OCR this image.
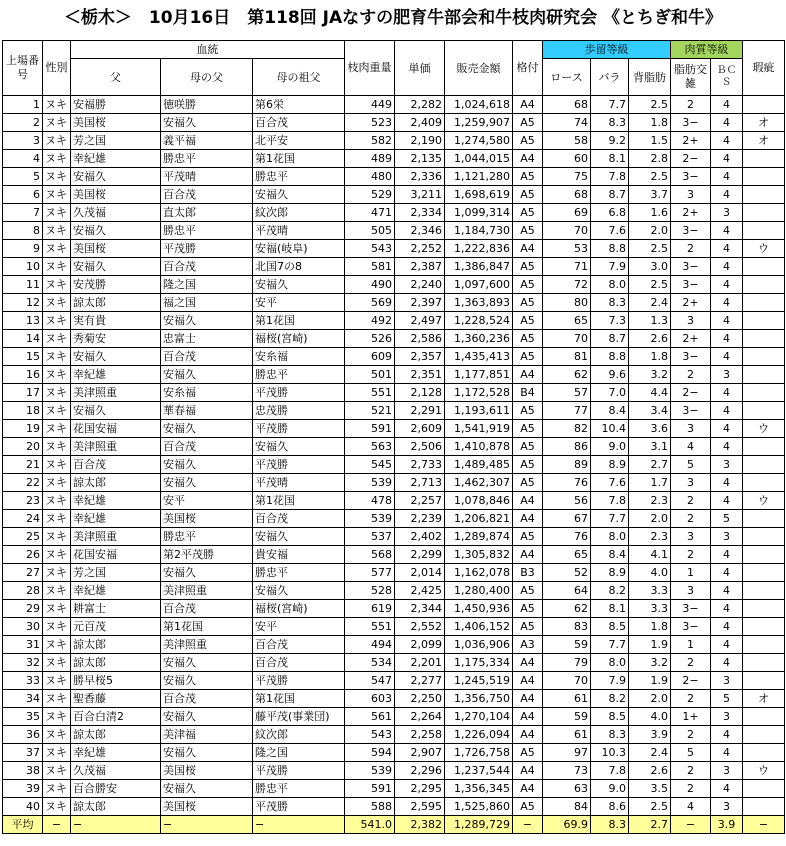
＜栃木＞　10月16日　第118回 JAなすの肥育牛部会和牛枝肉研究会 《とちぎ和牛》
上場番号	性別	血統			枝肉重量	単価	販売金額	格付	歩留等級			肉質等級		瑕疵
		父	母の父	母の祖父					ロース	バラ	背脂肪	脂肪交雑	ＢＣＳ	

1	ヌキ	安福勝	徳咲勝	第6栄	449	2,282	1,024,618	A4	68	7.7	2.5	2	4	
2	ヌキ	美国桜	安福久	百合茂	523	2,409	1,259,907	A5	74	8.3	1.8	3−	4	オ
3	ヌキ	芳之国	義平福	北平安	582	2,190	1,274,580	A5	58	9.2	1.5	2+	4	オ
4	ヌキ	幸紀雄	勝忠平	第1花国	489	2,135	1,044,015	A4	60	8.1	2.8	2−	4	
5	ヌキ	安福久	平茂晴	勝忠平	480	2,336	1,121,280	A5	75	7.8	2.5	3−	4	
6	ヌキ	美国桜	百合茂	安福久	529	3,211	1,698,619	A5	68	8.7	3.7	3	4	
7	ヌキ	久茂福	直太郎	紋次郎	471	2,334	1,099,314	A5	69	6.8	1.6	2+	3	
8	ヌキ	安福久	勝忠平	平茂晴	505	2,346	1,184,730	A5	70	7.6	2.0	3−	4	
9	ヌキ	美国桜	平茂勝	安福(岐阜)	543	2,252	1,222,836	A4	53	8.8	2.5	2	4	ウ
10	ヌキ	安福久	百合茂	北国7の8	581	2,387	1,386,847	A5	71	7.9	3.0	3−	4	
11	ヌキ	安茂勝	隆之国	安福久	490	2,240	1,097,600	A5	72	8.0	2.5	3−	4	
12	ヌキ	諒太郎	福之国	安平	569	2,397	1,363,893	A5	80	8.3	2.4	2+	4	
13	ヌキ	実有貴	安福久	第1花国	492	2,497	1,228,524	A5	65	7.3	1.3	3	4	
14	ヌキ	秀菊安	忠富士	福桜(宮崎)	526	2,586	1,360,236	A5	70	8.7	2.6	2+	4	
15	ヌキ	安福久	百合茂	安糸福	609	2,357	1,435,413	A5	81	8.8	1.8	3−	4	
16	ヌキ	幸紀雄	安福久	勝忠平	501	2,351	1,177,851	A4	62	9.6	3.2	2	3	
17	ヌキ	美津照重	安糸福	平茂勝	551	2,128	1,172,528	B4	57	7.0	4.4	2−	4	
18	ヌキ	安福久	華春福	忠茂勝	521	2,291	1,193,611	A5	77	8.4	3.4	3−	4	
19	ヌキ	花国安福	安福久	平茂勝	591	2,609	1,541,919	A5	82	10.4	3.6	3	4	ウ
20	ヌキ	美津照重	百合茂	安福久	563	2,506	1,410,878	A5	86	9.0	3.1	4	4	
21	ヌキ	百合茂	安福久	平茂勝	545	2,733	1,489,485	A5	89	8.9	2.7	5	3	
22	ヌキ	諒太郎	安福久	平茂晴	539	2,713	1,462,307	A5	76	7.6	1.7	3	4	
23	ヌキ	幸紀雄	安平	第1花国	478	2,257	1,078,846	A4	56	7.8	2.3	2	4	ウ
24	ヌキ	幸紀雄	美国桜	百合茂	539	2,239	1,206,821	A4	67	7.7	2.0	2	5	
25	ヌキ	美津照重	勝忠平	安福久	537	2,402	1,289,874	A5	76	8.0	2.3	3	3	
26	ヌキ	花国安福	第2平茂勝	貴安福	568	2,299	1,305,832	A4	65	8.4	4.1	2	4	
27	ヌキ	芳之国	安福久	勝忠平	577	2,014	1,162,078	B3	52	8.9	4.0	1	4	
28	ヌキ	幸紀雄	美津照重	安福久	528	2,425	1,280,400	A5	64	8.2	3.3	3	4	
29	ヌキ	耕富士	百合茂	福桜(宮崎)	619	2,344	1,450,936	A5	62	8.1	3.3	3−	4	
30	ヌキ	元百茂	第1花国	安平	551	2,552	1,406,152	A5	83	8.5	1.8	3−	4	
31	ヌキ	諒太郎	美津照重	百合茂	494	2,099	1,036,906	A3	59	7.7	1.9	1	4	
32	ヌキ	諒太郎	安福久	百合茂	534	2,201	1,175,334	A4	79	8.0	3.2	2	4	
33	ヌキ	勝早桜5	安福久	平茂勝	547	2,277	1,245,519	A4	70	7.9	1.9	2−	3	
34	ヌキ	聖香藤	百合茂	第1花国	603	2,250	1,356,750	A4	61	8.2	2.0	2	5	オ
35	ヌキ	百合白清2	安福久	藤平茂(事業団)	561	2,264	1,270,104	A4	59	8.5	4.0	1+	3	
36	ヌキ	諒太郎	美津福	紋次郎	543	2,258	1,226,094	A4	61	8.3	3.9	2	4	
37	ヌキ	幸紀雄	安福久	隆之国	594	2,907	1,726,758	A5	97	10.3	2.4	5	4	
38	ヌキ	久茂福	美国桜	平茂勝	539	2,296	1,237,544	A4	73	7.8	2.6	2	3	ウ
39	ヌキ	百合勝安	安福久	勝忠平	591	2,295	1,356,345	A4	63	9.0	3.5	2	4	
40	ヌキ	諒太郎	美国桜	平茂勝	588	2,595	1,525,860	A5	84	8.6	2.5	4	3	
平均	−	−	−	−	541.0	2,382	1,289,729	−	69.9	8.3	2.7	−	3.9	−
